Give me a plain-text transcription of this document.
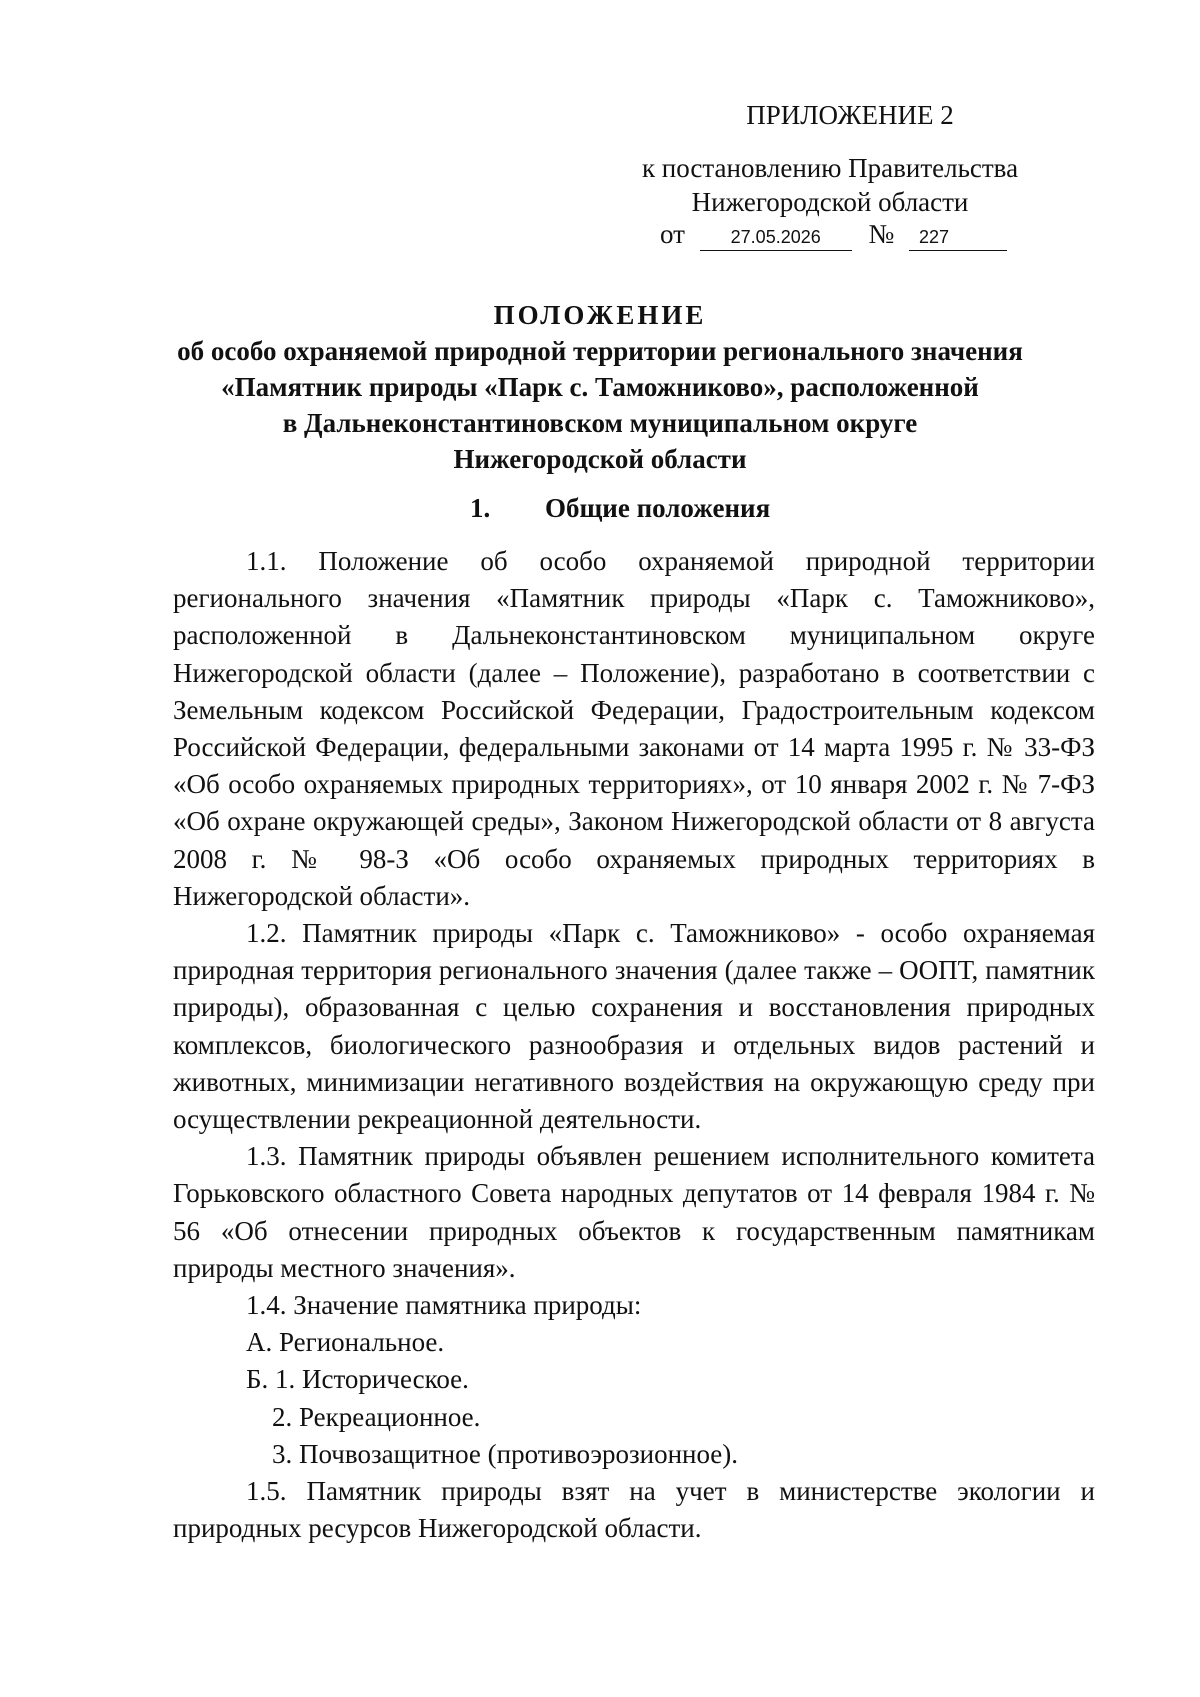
ПРИЛОЖЕНИЕ 2
к постановлению Правительства
Нижегородской области
от	27.05.2026 № 227
ПОЛОЖЕНИЕ
об особо охраняемой природной территории регионального значения
«Памятник природы «Парк с. Таможниково», расположенной
в Дальнеконстантиновском муниципальном округе
Нижегородской области
1. Общие положения

1.1. Положение об особо охраняемой природной территории регионального значения «Памятник природы «Парк с. Таможниково», расположенной в Дальнеконстантиновском муниципальном округе Нижегородской области (далее – Положение), разработано в соответствии с Земельным кодексом Российской Федерации, Градостроительным кодексом Российской Федерации, федеральными законами от 14 марта 1995 г. № 33-ФЗ «Об особо охраняемых природных территориях», от 10 января 2002 г. № 7-ФЗ «Об охране окружающей среды», Законом Нижегородской области от 8 августа 2008 г. № 98-З «Об особо охраняемых природных территориях в Нижегородской области».

1.2. Памятник природы «Парк с. Таможниково» - особо охраняемая природная территория регионального значения (далее также – ООПТ, памятник природы), образованная с целью сохранения и восстановления природных комплексов, биологического разнообразия и отдельных видов растений и животных, минимизации негативного воздействия на окружающую среду при осуществлении рекреационной деятельности.

1.3. Памятник природы объявлен решением исполнительного комитета Горьковского областного Совета народных депутатов от 14 февраля 1984 г. № 56 «Об отнесении природных объектов к государственным памятникам природы местного значения».

1.4. Значение памятника природы:

А. Региональное.

Б. 1. Историческое.

2. Рекреационное.

3. Почвозащитное (противоэрозионное).

1.5. Памятник природы взят на учет в министерстве экологии и природных ресурсов Нижегородской области.
